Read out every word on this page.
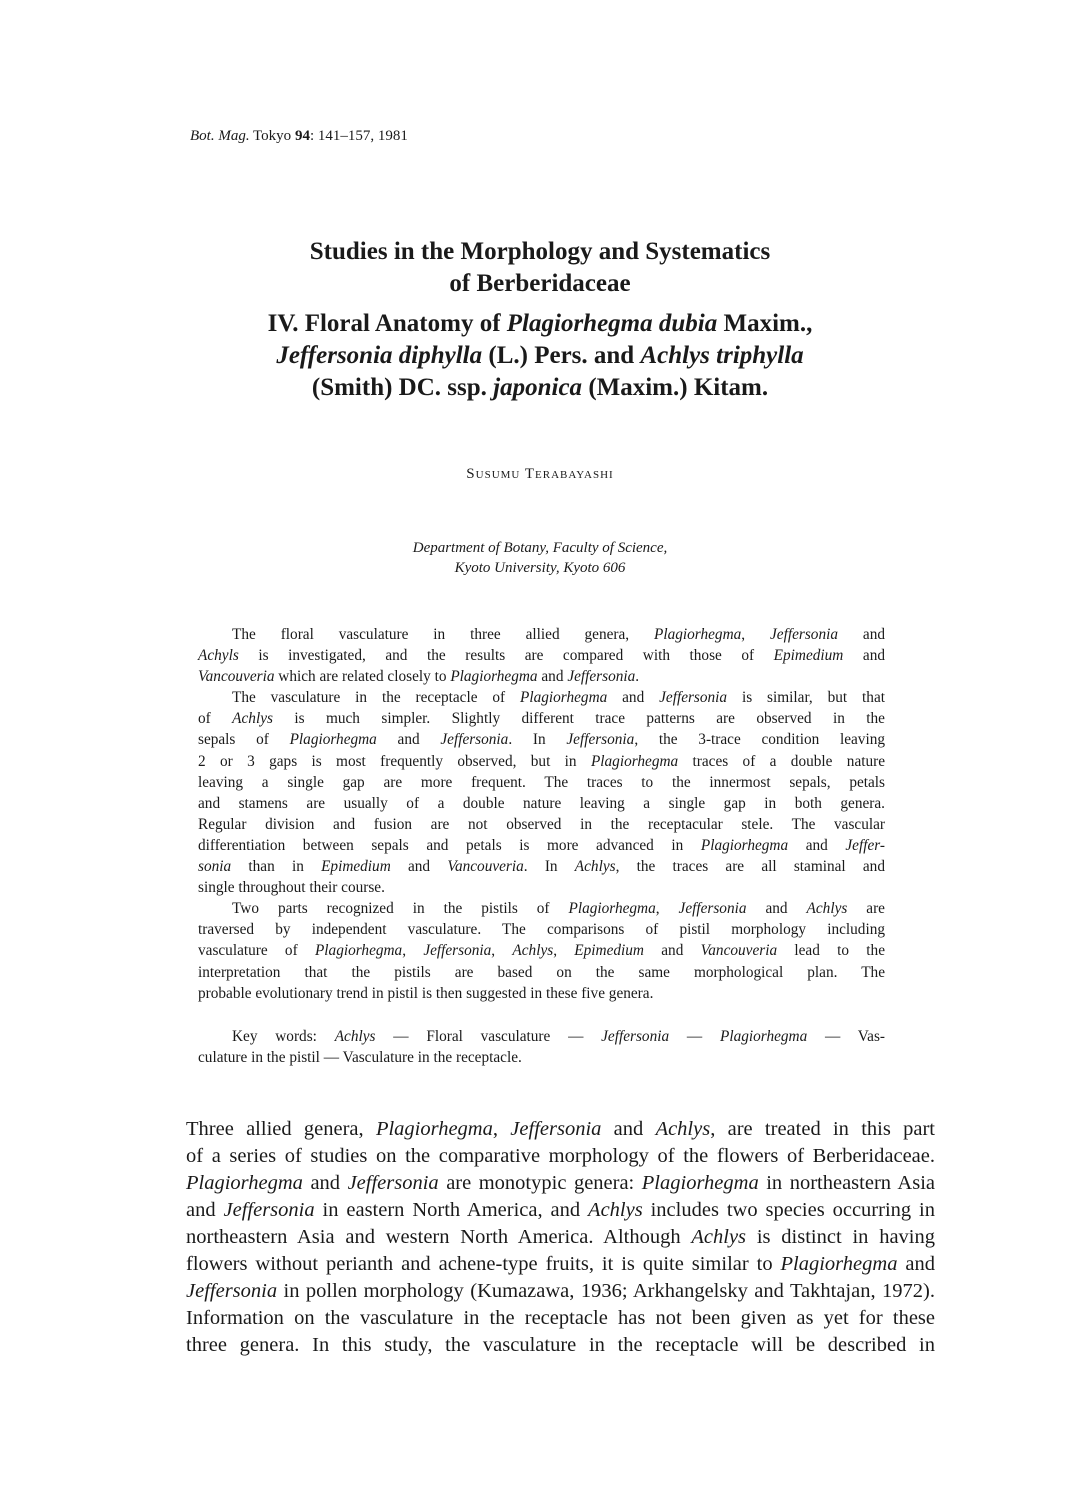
Bot. Mag. Tokyo 94: 141–157, 1981
Studies in the Morphology and Systematics
of Berberidaceae
IV. Floral Anatomy of Plagiorhegma dubia Maxim.,
Jeffersonia diphylla (L.) Pers. and Achlys triphylla
(Smith) DC. ssp. japonica (Maxim.) Kitam.
Susumu Terabayashi
Department of Botany, Faculty of Science,
Kyoto University, Kyoto 606
The floral vasculature in three allied genera, Plagiorhegma, Jeffersonia and
Achyls is investigated, and the results are compared with those of Epimedium and
Vancouveria which are related closely to Plagiorhegma and Jeffersonia.
The vasculature in the receptacle of Plagiorhegma and Jeffersonia is similar, but that
of Achlys is much simpler. Slightly different trace patterns are observed in the
sepals of Plagiorhegma and Jeffersonia. In Jeffersonia, the 3-trace condition leaving
2 or 3 gaps is most frequently observed, but in Plagiorhegma traces of a double nature
leaving a single gap are more frequent. The traces to the innermost sepals, petals
and stamens are usually of a double nature leaving a single gap in both genera.
Regular division and fusion are not observed in the receptacular stele. The vascular
differentiation between sepals and petals is more advanced in Plagiorhegma and Jeffer-
sonia than in Epimedium and Vancouveria. In Achlys, the traces are all staminal and
single throughout their course.
Two parts recognized in the pistils of Plagiorhegma, Jeffersonia and Achlys are
traversed by independent vasculature. The comparisons of pistil morphology including
vasculature of Plagiorhegma, Jeffersonia, Achlys, Epimedium and Vancouveria lead to the
interpretation that the pistils are based on the same morphological plan. The
probable evolutionary trend in pistil is then suggested in these five genera.
Key words: Achlys — Floral vasculature — Jeffersonia — Plagiorhegma — Vas-
culature in the pistil — Vasculature in the receptacle.
Three allied genera, Plagiorhegma, Jeffersonia and Achlys, are treated in this part
of a series of studies on the comparative morphology of the flowers of Berberidaceae.
Plagiorhegma and Jeffersonia are monotypic genera: Plagiorhegma in northeastern Asia
and Jeffersonia in eastern North America, and Achlys includes two species occurring in
northeastern Asia and western North America. Although Achlys is distinct in having
flowers without perianth and achene-type fruits, it is quite similar to Plagiorhegma and
Jeffersonia in pollen morphology (Kumazawa, 1936; Arkhangelsky and Takhtajan, 1972).
Information on the vasculature in the receptacle has not been given as yet for these
three genera. In this study, the vasculature in the receptacle will be described in
